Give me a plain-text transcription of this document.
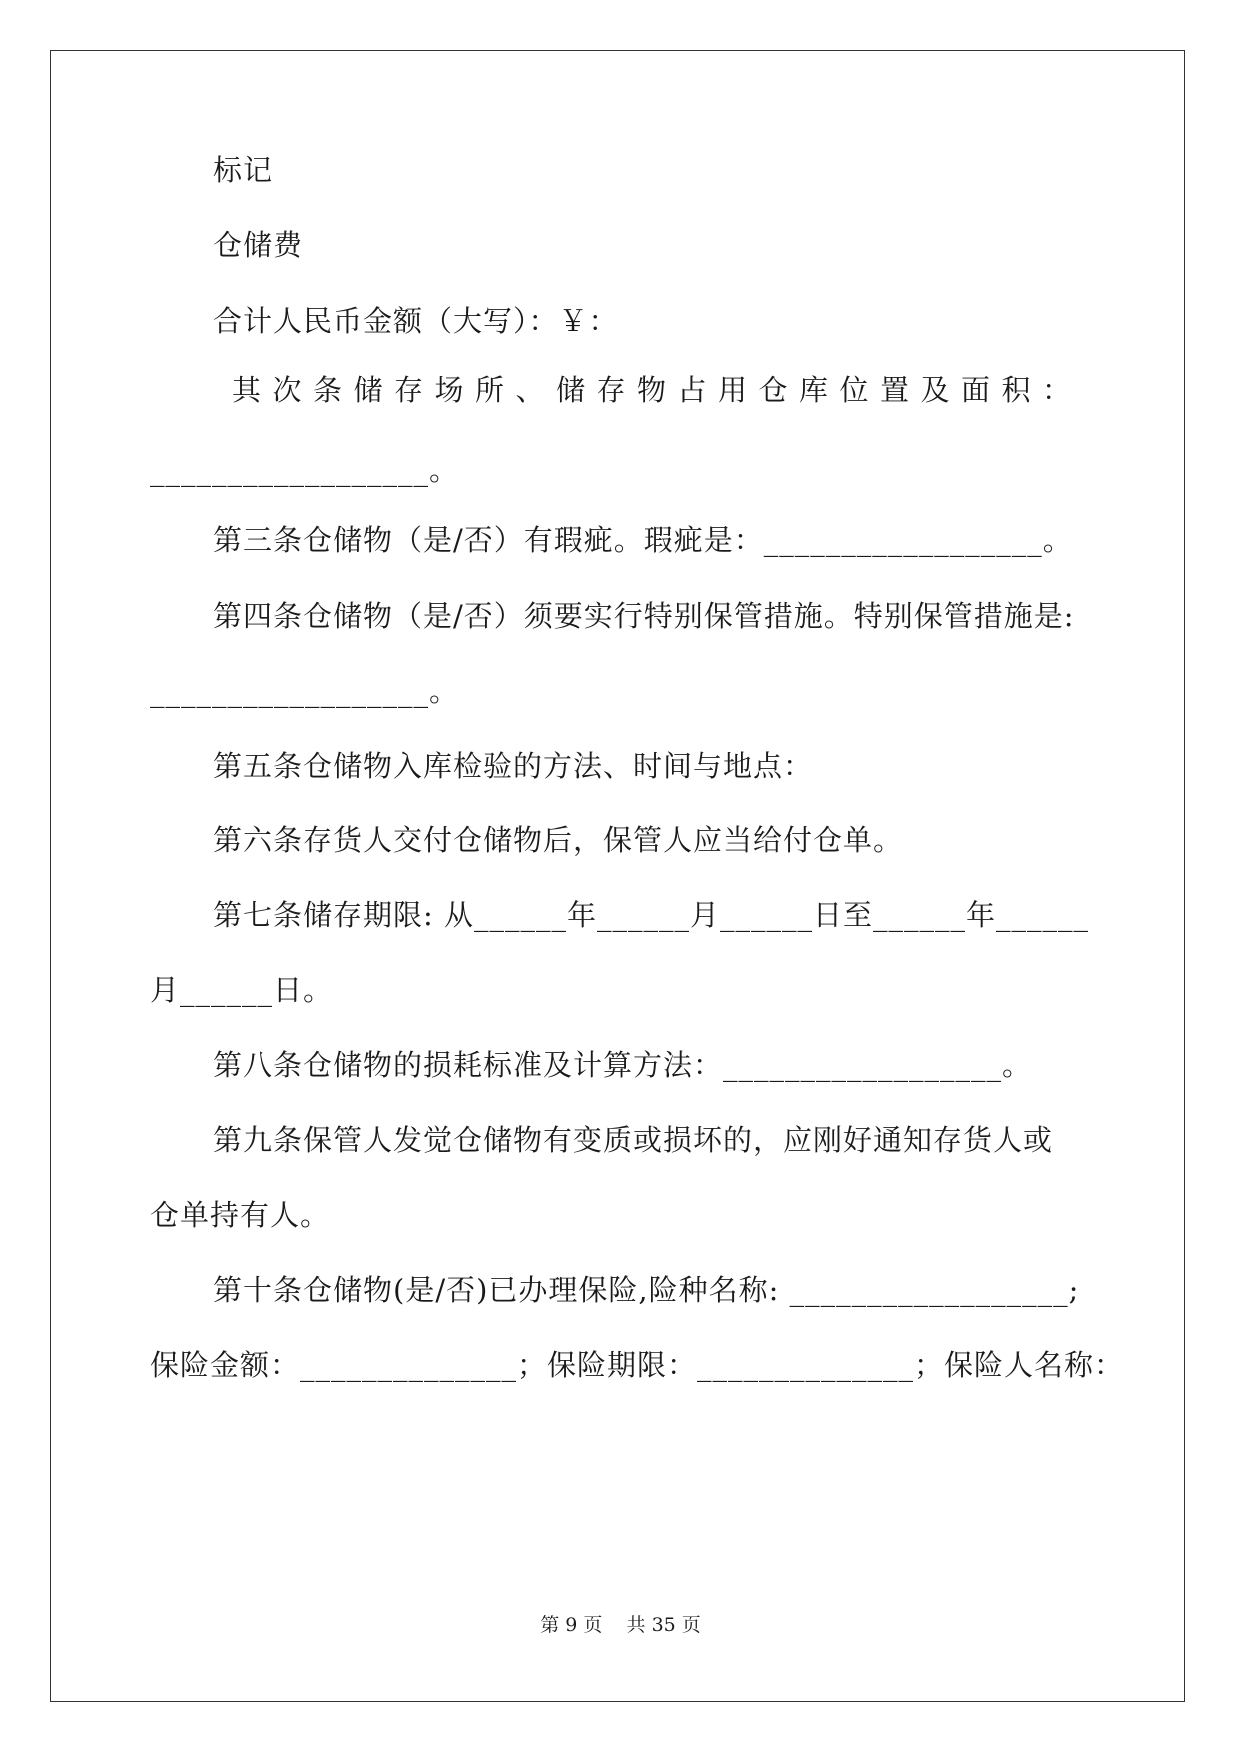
标记
仓储费
合计人民币金额（大写）：￥：
其次条储存场所、储存物占用仓库位置及面积：
__________________。
第三条仓储物（是/否）有瑕疵。瑕疵是：__________________。
第四条仓储物（是/否）须要实行特别保管措施。特别保管措施是:
__________________。
第五条仓储物入库检验的方法、时间与地点：
第六条存货人交付仓储物后，保管人应当给付仓单。
第七条储存期限: 从______年______月______日至______年______
月______日。
第八条仓储物的损耗标准及计算方法：__________________。
第九条保管人发觉仓储物有变质或损坏的，应刚好通知存货人或
仓单持有人。
第十条仓储物(是/否)已办理保险,险种名称: __________________;
保险金额：______________；保险期限：______________；保险人名称：
第 9 页    共 35 页
